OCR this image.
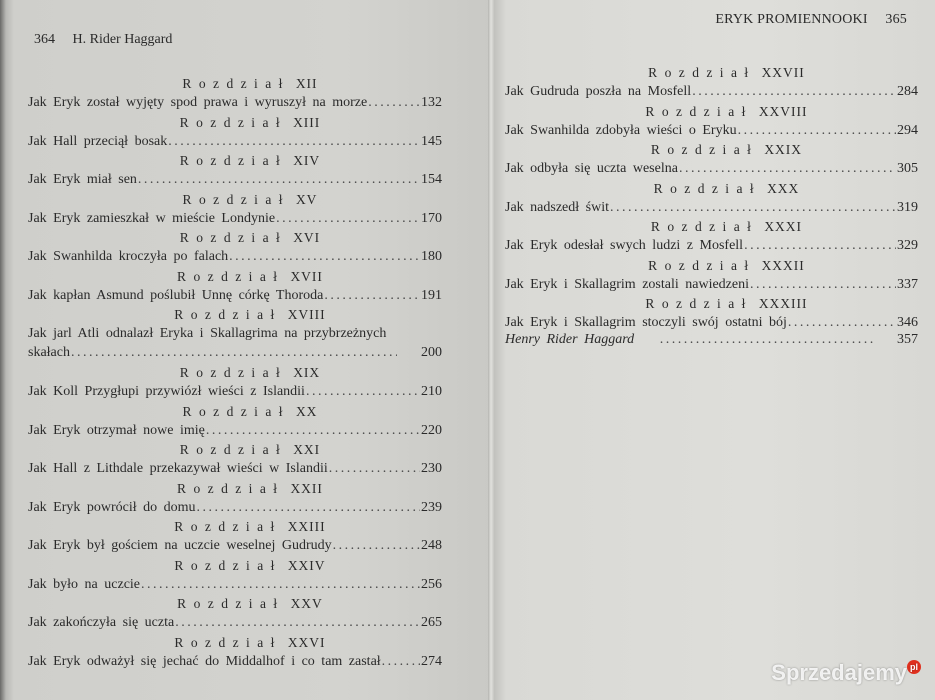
364 H. Rider Haggard
Rozdział XII
Jak Eryk został wyjęty spod prawa i wyruszył na morze .....	132
Rozdział XIII
Jak Hall przeciął bosak .....	145
Rozdział XIV
Jak Eryk miał sen .....	154
Rozdział XV
Jak Eryk zamieszkał w mieście Londynie .....	170
Rozdział XVI
Jak Swanhilda kroczyła po falach .....	180
Rozdział XVII
Jak kapłan Asmund poślubił Unnę córkę Thoroda .....	191
Rozdział XVIII
Jak jarl Atli odnalazł Eryka i Skallagrima na przybrzeżnych
skałach .....	200
Rozdział XIX
Jak Koll Przygłupi przywiózł wieści z Islandii .....	210
Rozdział XX
Jak Eryk otrzymał nowe imię .....	220
Rozdział XXI
Jak Hall z Lithdale przekazywał wieści w Islandii .....	230
Rozdział XXII
Jak Eryk powrócił do domu .....	239
Rozdział XXIII
Jak Eryk był gościem na uczcie weselnej Gudrudy .....	248
Rozdział XXIV
Jak było na uczcie .....	256
Rozdział XXV
Jak zakończyła się uczta .....	265
Rozdział XXVI
Jak Eryk odważył się jechać do Middalhof i co tam zastał .....	274
ERYK PROMIENNOOKI 365
Rozdział XXVII
Jak Gudruda poszła na Mosfell .....	284
Rozdział XXVIII
Jak Swanhilda zdobyła wieści o Eryku .....	294
Rozdział XXIX
Jak odbyła się uczta weselna .....	305
Rozdział XXX
Jak nadszedł świt .....	319
Rozdział XXXI
Jak Eryk odesłał swych ludzi z Mosfell .....	329
Rozdział XXXII
Jak Eryk i Skallagrim zostali nawiedzeni .....	337
Rozdział XXXIII
Jak Eryk i Skallagrim stoczyli swój ostatni bój .....	346
Henry Rider Haggard .....	357
Sprzedajemy pl
